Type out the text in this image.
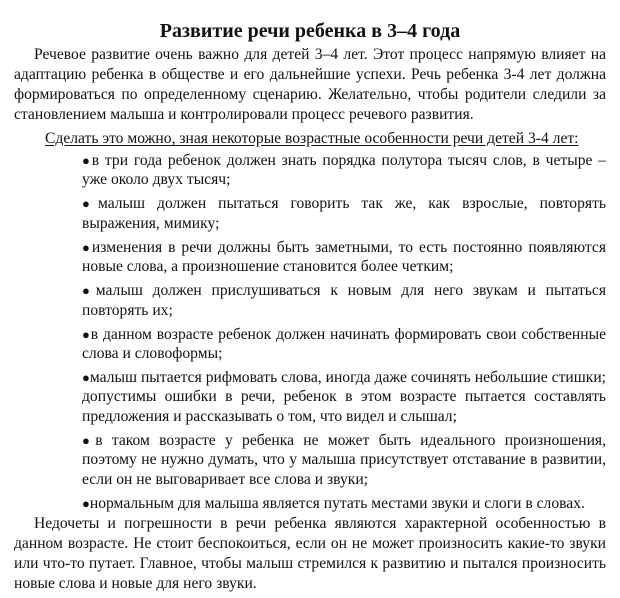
Развитие речи ребенка в 3–4 года

Речевое развитие очень важно для детей 3–4 лет. Этот процесс напрямую влияет на адаптацию ребенка в обществе и его дальнейшие успехи. Речь ребенка 3-4 лет должна формироваться по определенному сценарию. Желательно, чтобы родители следили за становлением малыша и контролировали процесс речевого развития.

Сделать это можно, зная некоторые возрастные особенности речи детей 3-4 лет:

●в три года ребенок должен знать порядка полутора тысяч слов, в четыре – уже около двух тысяч;
●малыш должен пытаться говорить так же, как взрослые, повторять выражения, мимику;
●изменения в речи должны быть заметными, то есть постоянно появляются новые слова, а произношение становится более четким;
●малыш должен прислушиваться к новым для него звукам и пытаться повторять их;
●в данном возрасте ребенок должен начинать формировать свои собственные слова и словоформы;
●малыш пытается рифмовать слова, иногда даже сочинять небольшие стишки; допустимы ошибки в речи, ребенок в этом возрасте пытается составлять предложения и рассказывать о том, что видел и слышал;
●в таком возрасте у ребенка не может быть идеального произношения, поэтому не нужно думать, что у малыша присутствует отставание в развитии, если он не выговаривает все слова и звуки;
●нормальным для малыша является путать местами звуки и слоги в словах.

Недочеты и погрешности в речи ребенка являются характерной особенностью в данном возрасте. Не стоит беспокоиться, если он не может произносить какие-то звуки или что-то путает. Главное, чтобы малыш стремился к развитию и пытался произносить новые слова и новые для него звуки.
